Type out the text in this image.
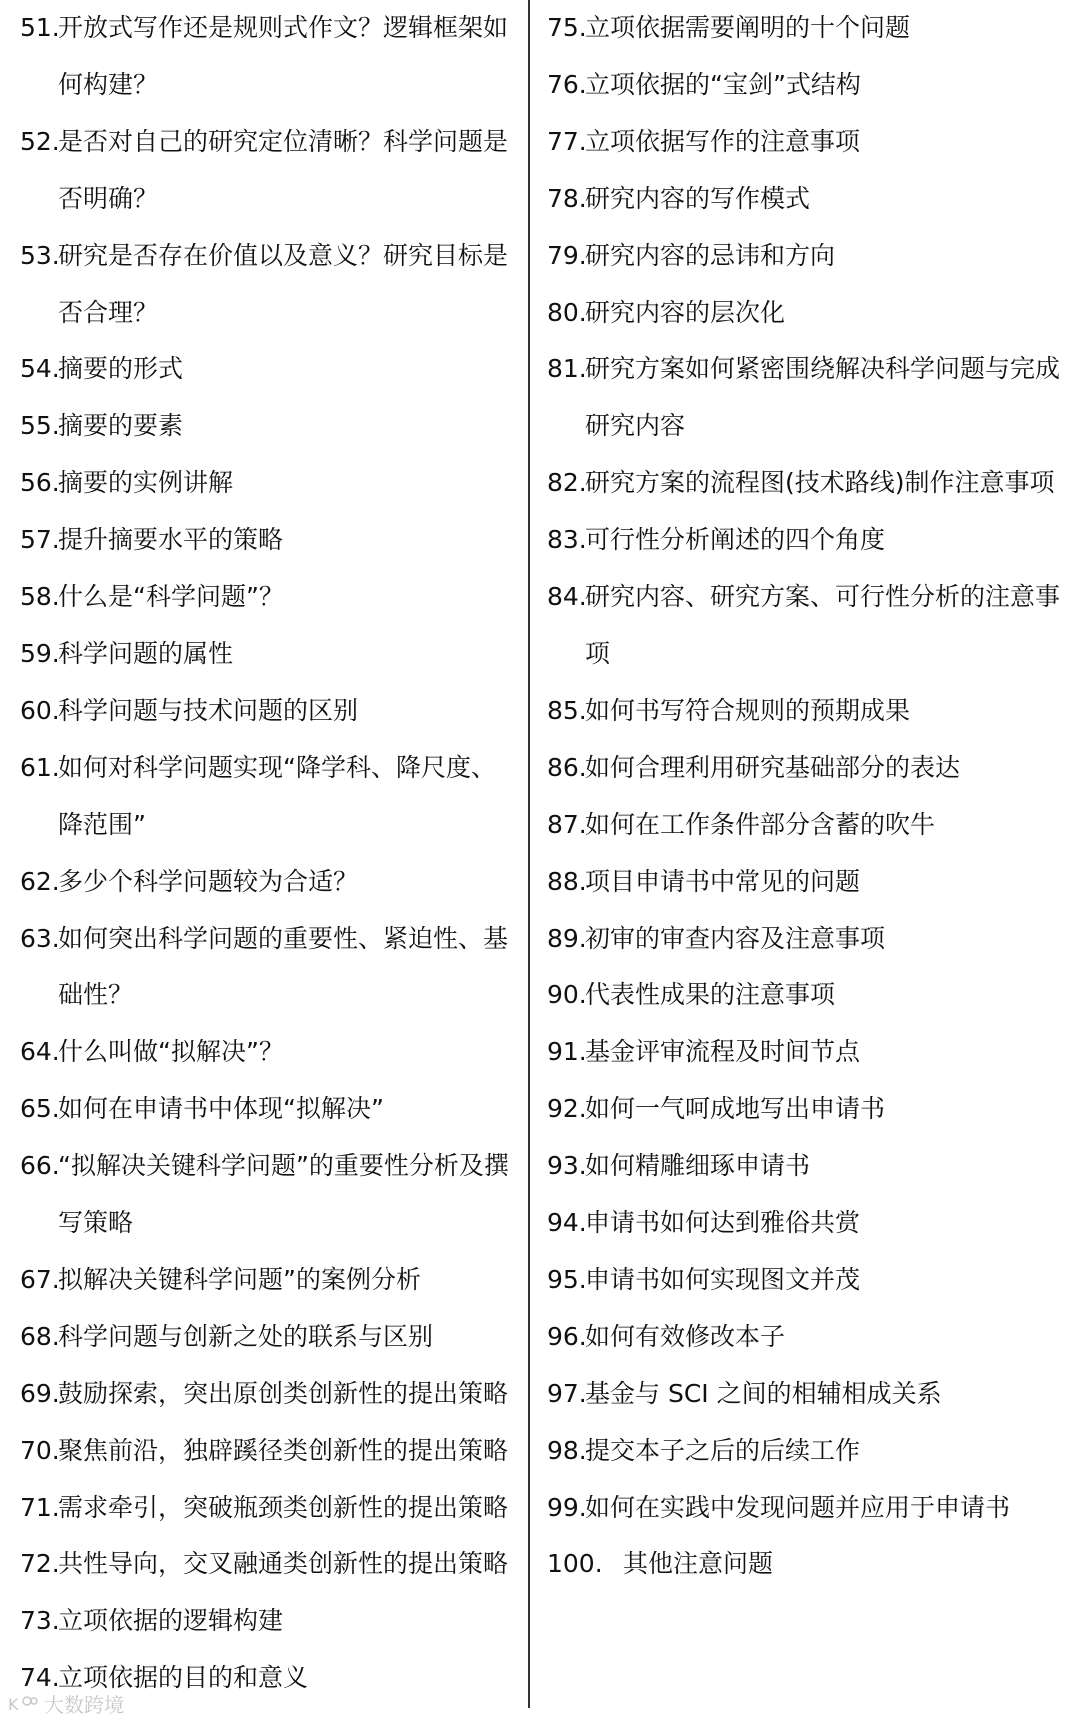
51.
开放式写作还是规则式作文？逻辑框架如何构建？
52.
是否对自己的研究定位清晰？科学问题是否明确？
53.
研究是否存在价值以及意义？研究目标是否合理？
54.
摘要的形式
55.
摘要的要素
56.
摘要的实例讲解
57.
提升摘要水平的策略
58.
什么是“科学问题”？
59.
科学问题的属性
60.
科学问题与技术问题的区别
61.
如何对科学问题实现“降学科、降尺度、降范围”
62.
多少个科学问题较为合适？
63.
如何突出科学问题的重要性、紧迫性、基础性？
64.
什么叫做“拟解决”？
65.
如何在申请书中体现“拟解决”
66.
“拟解决关键科学问题”的重要性分析及撰写策略
67.
拟解决关键科学问题”的案例分析
68.
科学问题与创新之处的联系与区别
69.
鼓励探索，突出原创类创新性的提出策略
70.
聚焦前沿，独辟蹊径类创新性的提出策略
71.
需求牵引，突破瓶颈类创新性的提出策略
72.
共性导向，交叉融通类创新性的提出策略
73.
立项依据的逻辑构建
74.
立项依据的目的和意义
75.
立项依据需要阐明的十个问题
76.
立项依据的“宝剑”式结构
77.
立项依据写作的注意事项
78.
研究内容的写作模式
79.
研究内容的忌讳和方向
80.
研究内容的层次化
81.
研究方案如何紧密围绕解决科学问题与完成研究内容
82.
研究方案的流程图(技术路线)制作注意事项
83.
可行性分析阐述的四个角度
84.
研究内容、研究方案、可行性分析的注意事项
85.
如何书写符合规则的预期成果
86.
如何合理利用研究基础部分的表达
87.
如何在工作条件部分含蓄的吹牛
88.
项目申请书中常见的问题
89.
初审的审查内容及注意事项
90.
代表性成果的注意事项
91.
基金评审流程及时间节点
92.
如何一气呵成地写出申请书
93.
如何精雕细琢申请书
94.
申请书如何达到雅俗共赏
95.
申请书如何实现图文并茂
96.
如何有效修改本子
97.
基金与 SCI 之间的相辅相成关系
98.
提交本子之后的后续工作
99.
如何在实践中发现问题并应用于申请书
100. 其他注意问题
K 大数跨境
